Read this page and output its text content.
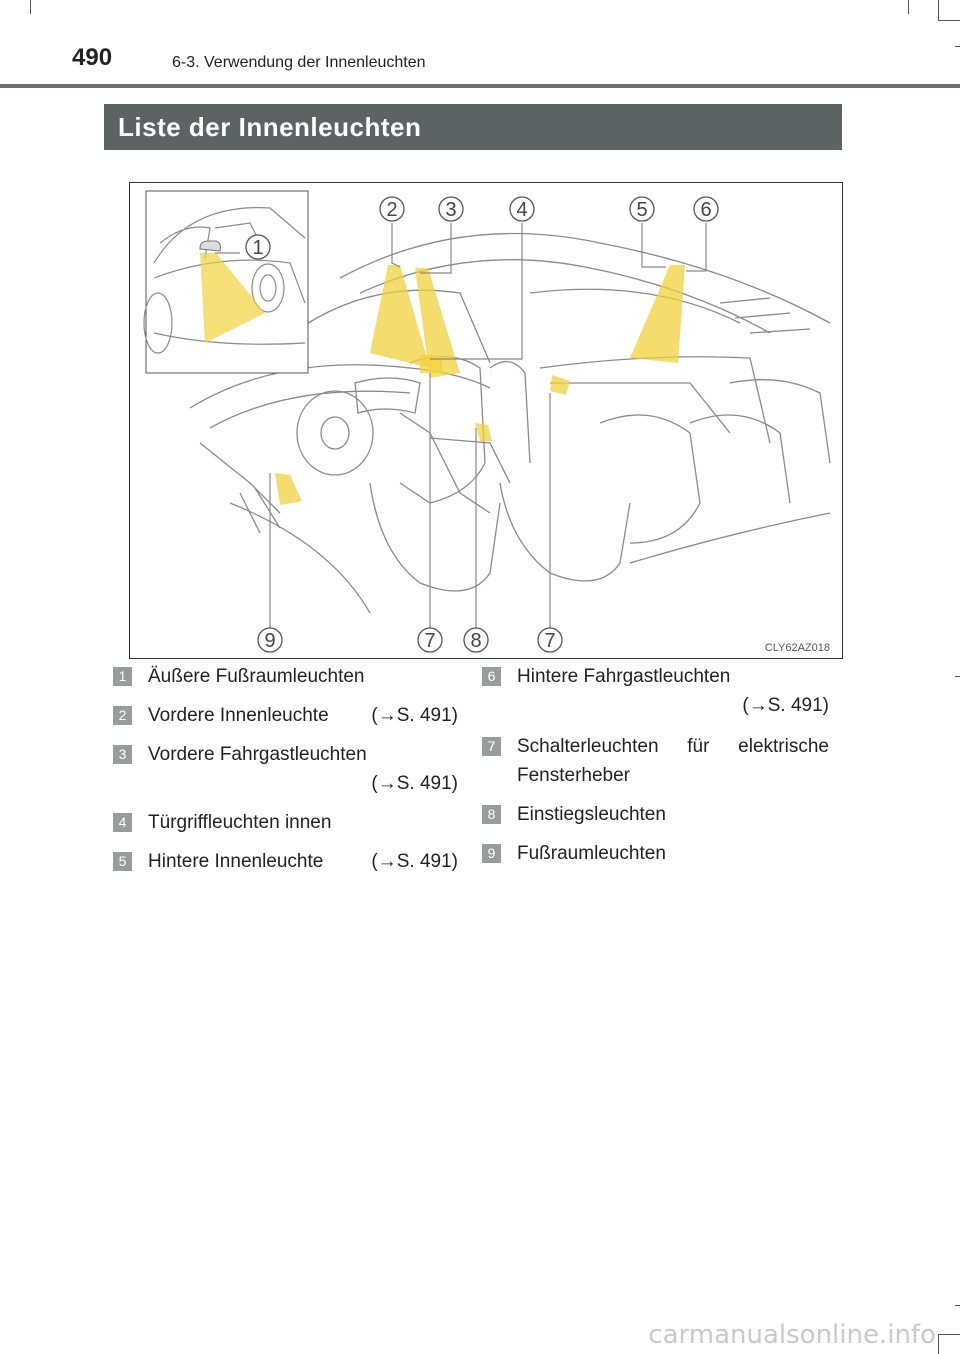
490	6-3. Verwendung der Innenleuchten
Liste der Innenleuchten
1
2 3	4	5	6
9	7 8	7	CLY62AZ018
1 Äußere Fußraumleuchten
2 Vordere Innenleuchte (→S. 491)
3 Vordere Fahrgastleuchten
(→S. 491)
4 Türgriffleuchten innen
5 Hintere Innenleuchte	(→S. 491)
6 Hintere Fahrgastleuchten
(→S. 491)
7 Schalterleuchten für elektrische
Fensterheber
8 Einstiegsleuchten
9 Fußraumleuchten
carmanualsonline.info
